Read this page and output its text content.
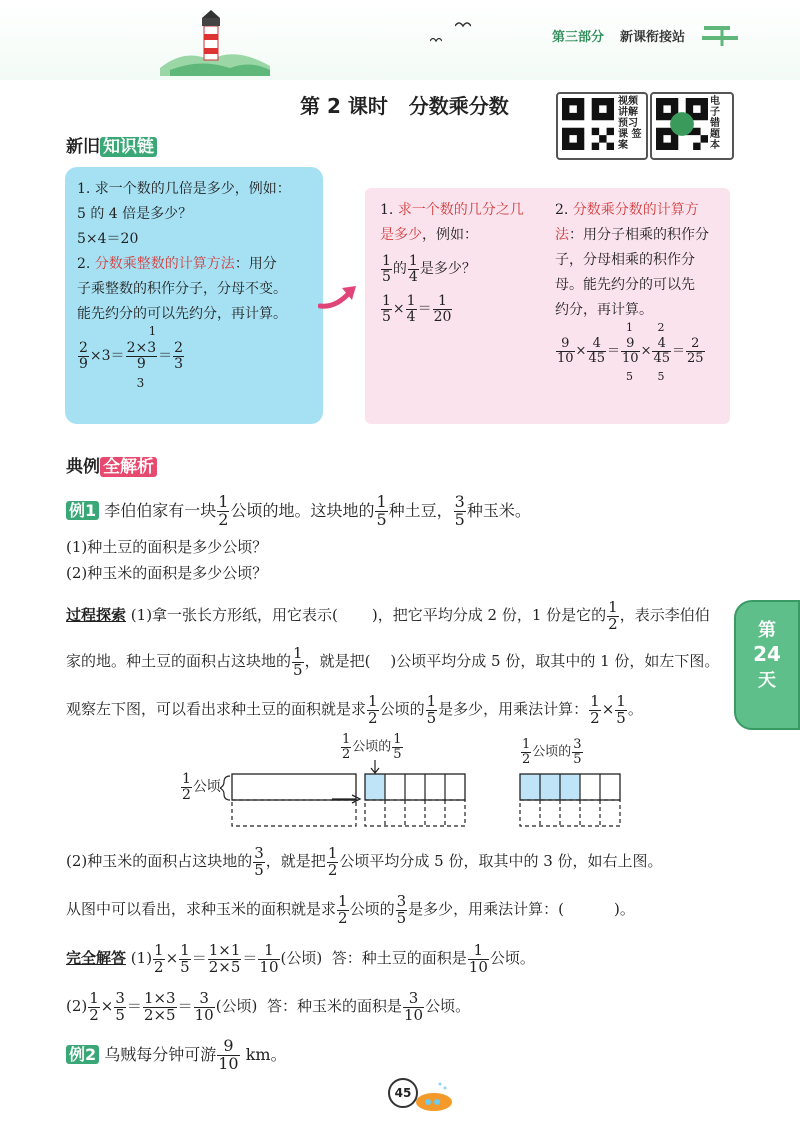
第三部分 新课衔接站
第 2 课时   分数乘分数	视频讲解 预习课 签案
电子错题本
新旧 知识链
1. 求一个数的几倍是多少，例如：
5 的 4 倍是多少？
5×4＝20
2. 分数乘整数的计算方法：用分
子乘整数的积作分子，分母不变。
能先约分的可以先约分，再计算。
$\frac{2}{9} \times 3=$
2×3
9
1
3
＝ $\frac{2}{3}$
1. 求一个数的几分之几
是多少，例如：
$\frac{1}{5}$ 的 $\frac{1}{4}$ 是多少？
$\frac{1}{5} \times \frac{1}{4} = \frac{1}{20}$
2. 分数乘分数的计算方
法：用分子相乘的积作分
子，分母相乘的积作分
母。能先约分的可以先
约分，再计算。
$\frac{9}{10} \times \frac{4}{45}$ ＝
9
10
1
5
×
4
45
2
5
＝ $\frac{2}{25}$
典例 全解析
例1 李伯伯家有一块 $\frac{1}{2}$ 公顷的地。这块地的 $\frac{1}{5}$ 种土豆， $\frac{3}{5}$ 种玉米。
(1)种土豆的面积是多少公顷？
(2)种玉米的面积是多少公顷？
过程探索 (1)拿一张长方形纸，用它表示( )，把它平均分成 2 份，1 份是它的 $\frac{1}{2}$ ，表示李伯伯
家的地。种土豆的面积占这块地的 $\frac{1}{5}$ ，就是把( )公顷平均分成 5 份，取其中的 1 份，如左下图。
观察左下图，可以看出求种土豆的面积就是求 $\frac{1}{2}$ 公顷的 $\frac{1}{5}$ 是多少，用乘法计算： $\frac{1}{2} \times \frac{1}{5}$ 。
$\frac{1}{2}$ 公顷
$\frac{1}{2}$ 公顷的 $\frac{1}{5}$	$\frac{1}{2}$ 公顷的 $\frac{3}{5}$
(2)种玉米的面积占这块地的 $\frac{3}{5}$ ，就是把 $\frac{1}{2}$ 公顷平均分成 5 份，取其中的 3 份，如右上图。
从图中可以看出，求种玉米的面积就是求 $\frac{1}{2}$ 公顷的 $\frac{3}{5}$ 是多少，用乘法计算：(	)。
完全解答 $(1) \frac{1}{2} \times \frac{1}{5} = \frac{1\times 1}{2\times 5} = \frac{1}{10}$ (公顷) 答：种土豆的面积是 $\frac{1}{10}$ 公顷。
$(2) \frac{1}{2} \times \frac{3}{5} = \frac{1\times 3}{2\times 5} = \frac{3}{10}$ (公顷) 答：种玉米的面积是 $\frac{3}{10}$ 公顷。
例2 乌贼每分钟可游 $\frac{9}{10}$ km。
第
24
天
45
